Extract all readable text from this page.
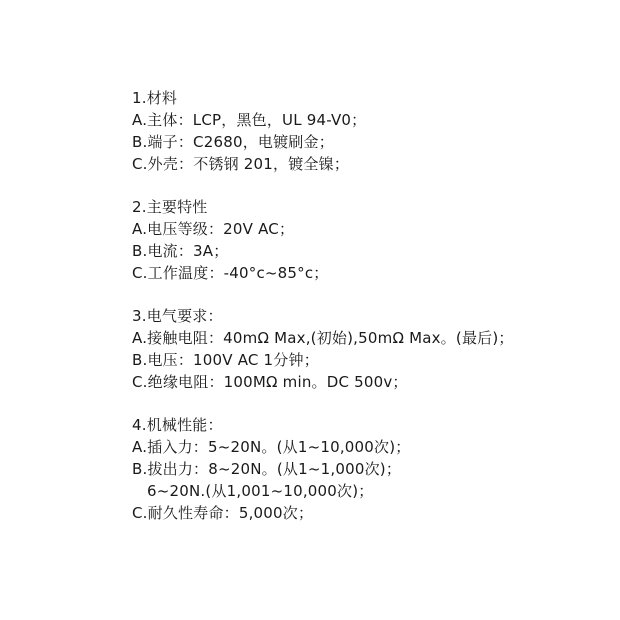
1.材料
A.主体：LCP，黑色，UL 94-V0；
B.端子：C2680，电镀刷金；
C.外壳：不锈钢 201，镀全镍；
2.主要特性
A.电压等级：20V AC；
B.电流：3A；
C.工作温度：-40°c~85°c；
3.电气要求：
A.接触电阻：40mΩ Max,(初始),50mΩ Max。(最后)；
B.电压：100V AC 1分钟；
C.绝缘电阻：100MΩ min。DC 500v；
4.机械性能：
A.插入力：5~20N。(从1~10,000次)；
B.拔出力：8~20N。(从1~1,000次)；
6~20N.(从1,001~10,000次)；
C.耐久性寿命：5,000次；
